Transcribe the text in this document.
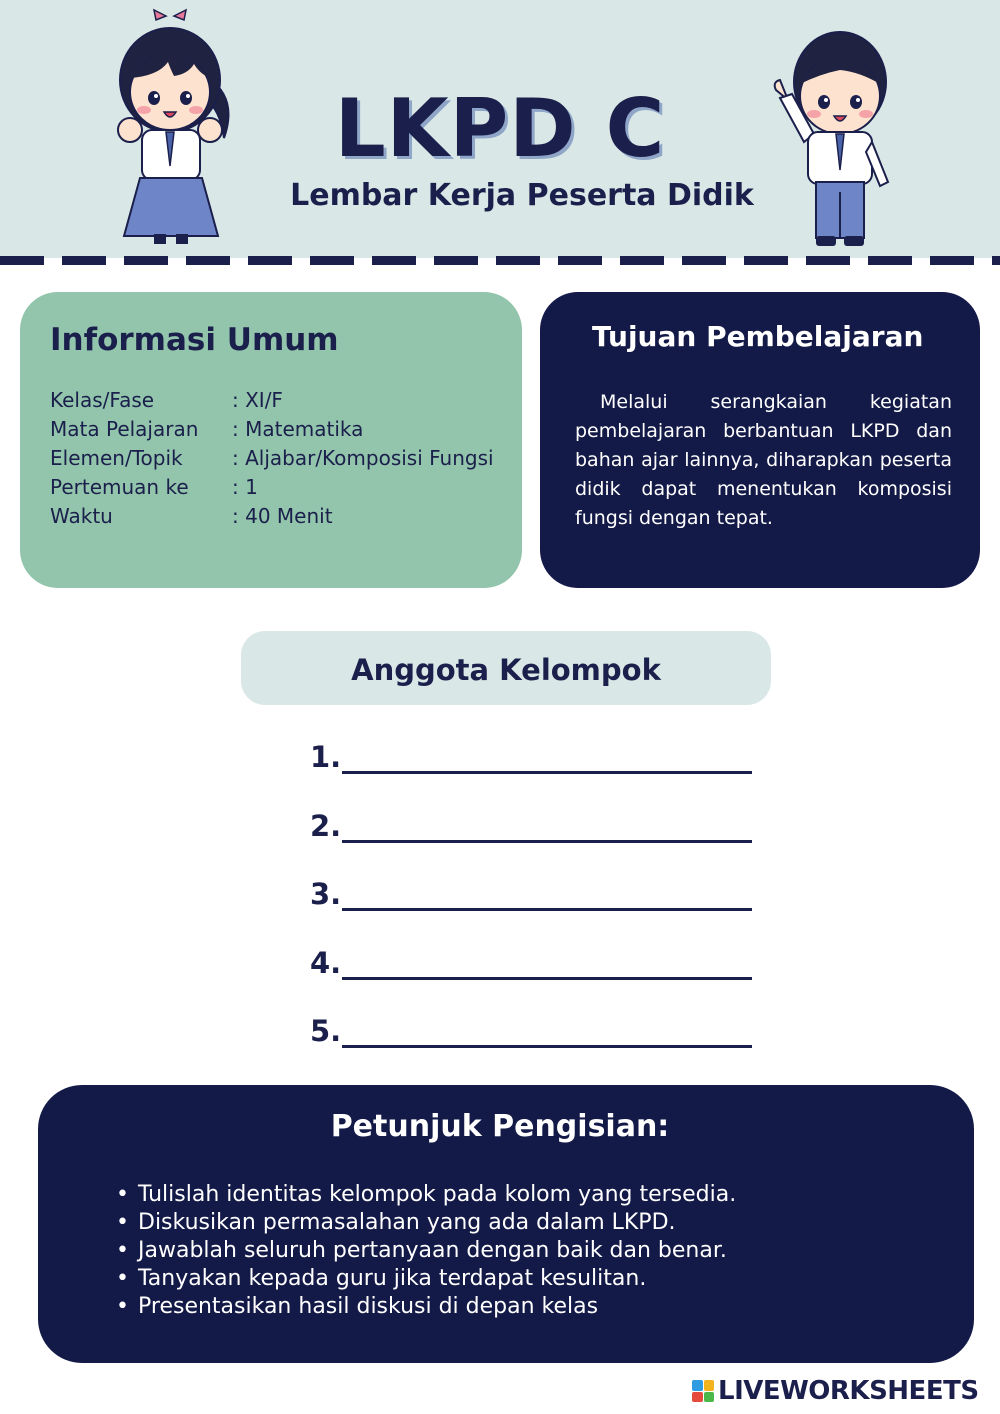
LKPD C
Lembar Kerja Peserta Didik
Informasi Umum
Kelas/Fase	: XI/F
Mata Pelajaran	: Matematika
Elemen/Topik	: Aljabar/Komposisi Fungsi
Pertemuan ke	: 1
Waktu	: 40 Menit
Tujuan Pembelajaran
Melalui serangkaian kegiatan pembelajaran berbantuan LKPD dan bahan ajar lainnya, diharapkan peserta didik dapat menentukan komposisi fungsi dengan tepat.
Anggota Kelompok
1.
2.
3.
4.
5.
Petunjuk Pengisian:
• Tulislah identitas kelompok pada kolom yang tersedia.
• Diskusikan permasalahan yang ada dalam LKPD.
• Jawablah seluruh pertanyaan dengan baik dan benar.
• Tanyakan kepada guru jika terdapat kesulitan.
• Presentasikan hasil diskusi di depan kelas
LIVEWORKSHEETS
